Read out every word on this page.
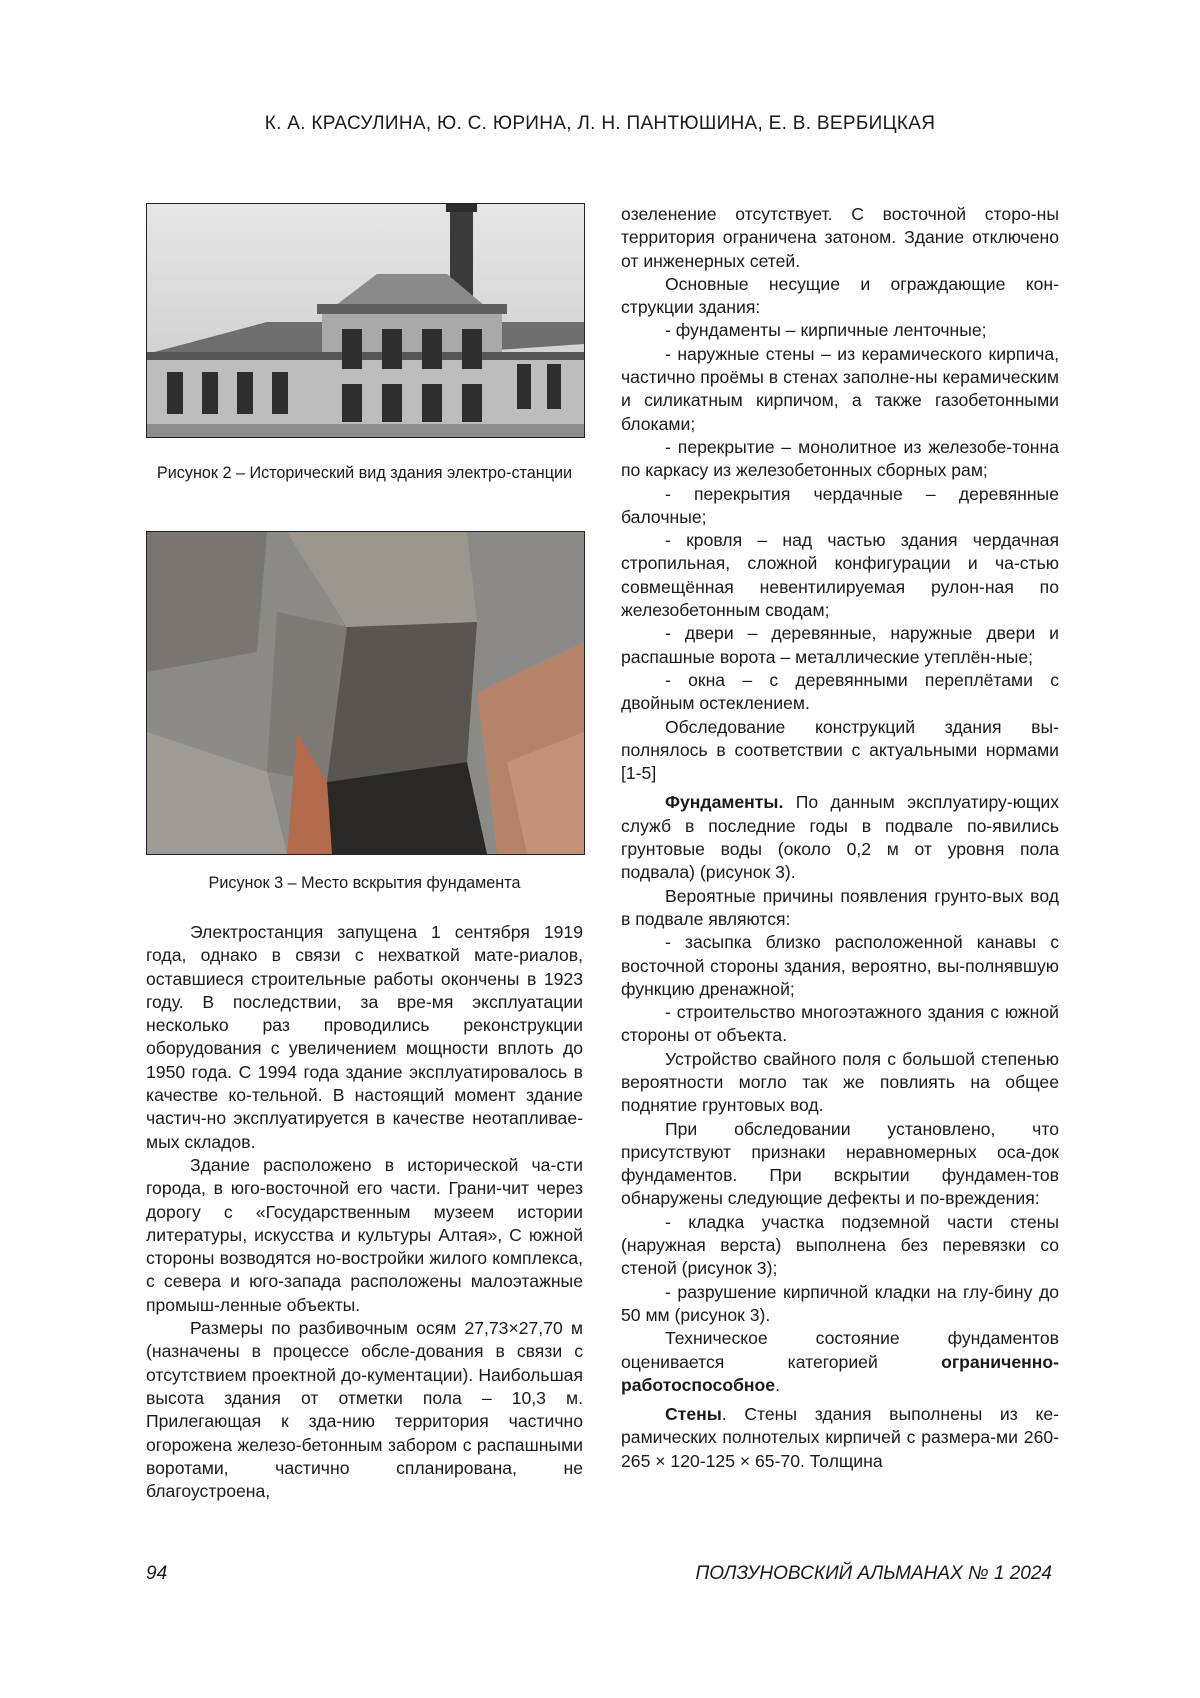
К. А. КРАСУЛИНА, Ю. С. ЮРИНА, Л. Н. ПАНТЮШИНА, Е. В. ВЕРБИЦКАЯ
Рисунок 2 – Исторический вид здания электро-станции
Рисунок 3 – Место вскрытия фундамента

Электростанция запущена 1 сентября 1919 года, однако в связи с нехваткой мате-риалов, оставшиеся строительные работы окончены в 1923 году. В последствии, за вре-мя эксплуатации несколько раз проводились реконструкции оборудования с увеличением мощности вплоть до 1950 года. С 1994 года здание эксплуатировалось в качестве ко-тельной. В настоящий момент здание частич-но эксплуатируется в качестве неотапливае-мых складов.

Здание расположено в исторической ча-сти города, в юго-восточной его части. Грани-чит через дорогу с «Государственным музеем истории литературы, искусства и культуры Алтая», С южной стороны возводятся но-востройки жилого комплекса, с севера и юго-запада расположены малоэтажные промыш-ленные объекты.

Размеры по разбивочным осям 27,73×27,70 м (назначены в процессе обсле-дования в связи с отсутствием проектной до-кументации). Наибольшая высота здания от отметки пола – 10,3 м. Прилегающая к зда-нию территория частично огорожена железо-бетонным забором с распашными воротами, частично спланирована, не благоустроена,

озеленение отсутствует. С восточной сторо-ны территория ограничена затоном. Здание отключено от инженерных сетей.

Основные несущие и ограждающие кон-струкции здания:

- фундаменты – кирпичные ленточные;

- наружные стены – из керамического кирпича, частично проёмы в стенах заполне-ны керамическим и силикатным кирпичом, а также газобетонными блоками;

- перекрытие – монолитное из железобе-тонна по каркасу из железобетонных сборных рам;

- перекрытия чердачные – деревянные балочные;

- кровля – над частью здания чердачная стропильная, сложной конфигурации и ча-стью совмещённая невентилируемая рулон-ная по железобетонным сводам;

- двери – деревянные, наружные двери и распашные ворота – металлические утеплён-ные;

- окна – с деревянными переплётами с двойным остеклением.

Обследование конструкций здания вы-полнялось в соответствии с актуальными нормами [1-5]

Фундаменты. По данным эксплуатиру-ющих служб в последние годы в подвале по-явились грунтовые воды (около 0,2 м от уровня пола подвала) (рисунок 3).

Вероятные причины появления грунто-вых вод в подвале являются:

- засыпка близко расположенной канавы с восточной стороны здания, вероятно, вы-полнявшую функцию дренажной;

- строительство многоэтажного здания с южной стороны от объекта.

Устройство свайного поля с большой степенью вероятности могло так же повлиять на общее поднятие грунтовых вод.

При обследовании установлено, что присутствуют признаки неравномерных оса-док фундаментов. При вскрытии фундамен-тов обнаружены следующие дефекты и по-вреждения:

- кладка участка подземной части стены (наружная верста) выполнена без перевязки со стеной (рисунок 3);

- разрушение кирпичной кладки на глу-бину до 50 мм (рисунок 3).

Техническое состояние фундаментов оценивается категорией ограниченно-работоспособное.

Стены. Стены здания выполнены из ке-рамических полнотелых кирпичей с размера-ми 260-265 × 120-125 × 65-70. Толщина

94	ПОЛЗУНОВСКИЙ АЛЬМАНАХ № 1 2024
